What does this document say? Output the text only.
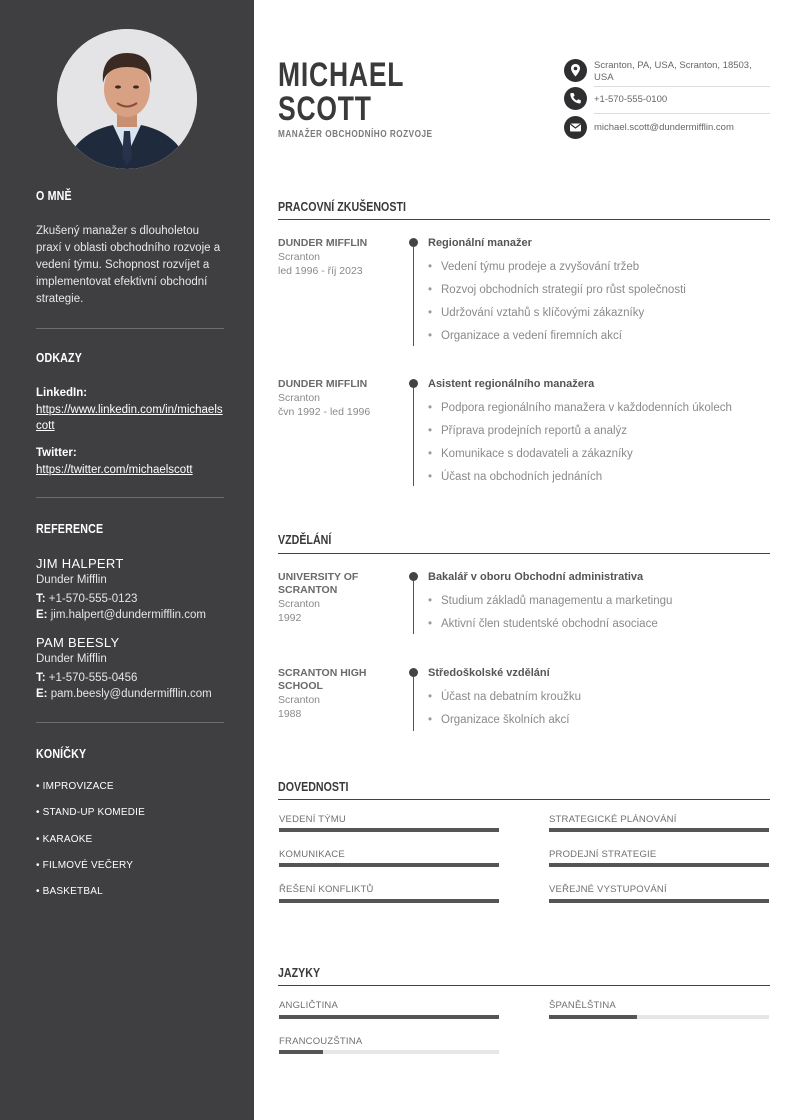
O MNĚ
Zkušený manažer s dlouholetou praxí v oblasti obchodního rozvoje a vedení týmu. Schopnost rozvíjet a implementovat efektivní obchodní strategie.
ODKAZY
LinkedIn:
https://www.linkedin.com/in/michaelscott
Twitter:
https://twitter.com/michaelscott
REFERENCE
JIM HALPERT
Dunder Mifflin
T: +1-570-555-0123
E: jim.halpert@dundermifflin.com
PAM BEESLY
Dunder Mifflin
T: +1-570-555-0456
E: pam.beesly@dundermifflin.com
KONÍČKY
• IMPROVIZACE
• STAND-UP KOMEDIE
• KARAOKE
• FILMOVÉ VEČERY
• BASKETBAL
MICHAEL
SCOTT
MANAŽER OBCHODNÍHO ROZVOJE
Scranton, PA, USA, Scranton, 18503, USA
+1-570-555-0100
michael.scott@dundermifflin.com
PRACOVNÍ ZKUŠENOSTI
DUNDER MIFFLIN
Scranton
led 1996 - říj 2023
Regionální manažer
• Vedení týmu prodeje a zvyšování tržeb
• Rozvoj obchodních strategií pro růst společnosti
• Udržování vztahů s klíčovými zákazníky
• Organizace a vedení firemních akcí
DUNDER MIFFLIN
Scranton
čvn 1992 - led 1996
Asistent regionálního manažera
• Podpora regionálního manažera v každodenních úkolech
• Příprava prodejních reportů a analýz
• Komunikace s dodavateli a zákazníky
• Účast na obchodních jednáních
VZDĚLÁNÍ
UNIVERSITY OF
SCRANTON
Scranton
1992
Bakalář v oboru Obchodní administrativa
• Studium základů managementu a marketingu
• Aktivní člen studentské obchodní asociace
SCRANTON HIGH
SCHOOL
Scranton
1988
Středoškolské vzdělání
• Účast na debatním kroužku
• Organizace školních akcí
DOVEDNOSTI
VEDENÍ TÝMU	STRATEGICKÉ PLÁNOVÁNÍ
KOMUNIKACE	PRODEJNÍ STRATEGIE
ŘEŠENÍ KONFLIKTŮ	VEŘEJNÉ VYSTUPOVÁNÍ
JAZYKY
ANGLIČTINA	ŠPANĚLŠTINA
FRANCOUZŠTINA
